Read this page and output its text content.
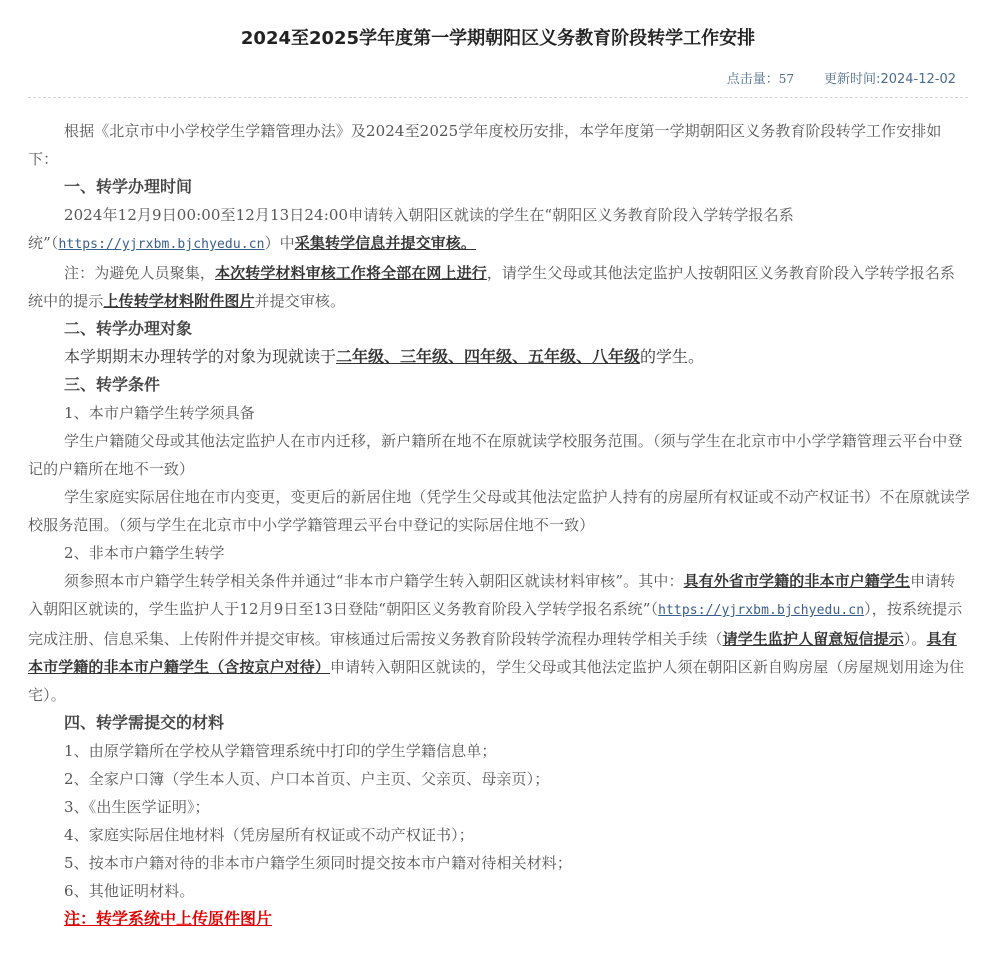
2024至2025学年度第一学期朝阳区义务教育阶段转学工作安排
点击量：57 更新时间:2024-12-02

根据《北京市中小学校学生学籍管理办法》及2024至2025学年度校历安排，本学年度第一学期朝阳区义务教育阶段转学工作安排如下：

一、转学办理时间

2024年12月9日00:00至12月13日24:00申请转入朝阳区就读的学生在“朝阳区义务教育阶段入学转学报名系统”（https://yjrxbm.bjchyedu.cn）中采集转学信息并提交审核。

注：为避免人员聚集，本次转学材料审核工作将全部在网上进行，请学生父母或其他法定监护人按朝阳区义务教育阶段入学转学报名系统中的提示上传转学材料附件图片并提交审核。

二、转学办理对象

本学期期末办理转学的对象为现就读于二年级、三年级、四年级、五年级、八年级的学生。

三、转学条件

1、本市户籍学生转学须具备

学生户籍随父母或其他法定监护人在市内迁移，新户籍所在地不在原就读学校服务范围。（须与学生在北京市中小学学籍管理云平台中登记的户籍所在地不一致）

学生家庭实际居住地在市内变更，变更后的新居住地（凭学生父母或其他法定监护人持有的房屋所有权证或不动产权证书）不在原就读学校服务范围。（须与学生在北京市中小学学籍管理云平台中登记的实际居住地不一致）

2、非本市户籍学生转学

须参照本市户籍学生转学相关条件并通过“非本市户籍学生转入朝阳区就读材料审核”。其中：具有外省市学籍的非本市户籍学生申请转入朝阳区就读的，学生监护人于12月9日至13日登陆“朝阳区义务教育阶段入学转学报名系统”（https://yjrxbm.bjchyedu.cn），按系统提示完成注册、信息采集、上传附件并提交审核。审核通过后需按义务教育阶段转学流程办理转学相关手续（请学生监护人留意短信提示）。具有本市学籍的非本市户籍学生（含按京户对待）申请转入朝阳区就读的，学生父母或其他法定监护人须在朝阳区新自购房屋（房屋规划用途为住宅）。

四、转学需提交的材料

1、由原学籍所在学校从学籍管理系统中打印的学生学籍信息单；

2、全家户口簿（学生本人页、户口本首页、户主页、父亲页、母亲页）；

3、《出生医学证明》；

4、家庭实际居住地材料（凭房屋所有权证或不动产权证书）；

5、按本市户籍对待的非本市户籍学生须同时提交按本市户籍对待相关材料；

6、其他证明材料。

注：转学系统中上传原件图片
